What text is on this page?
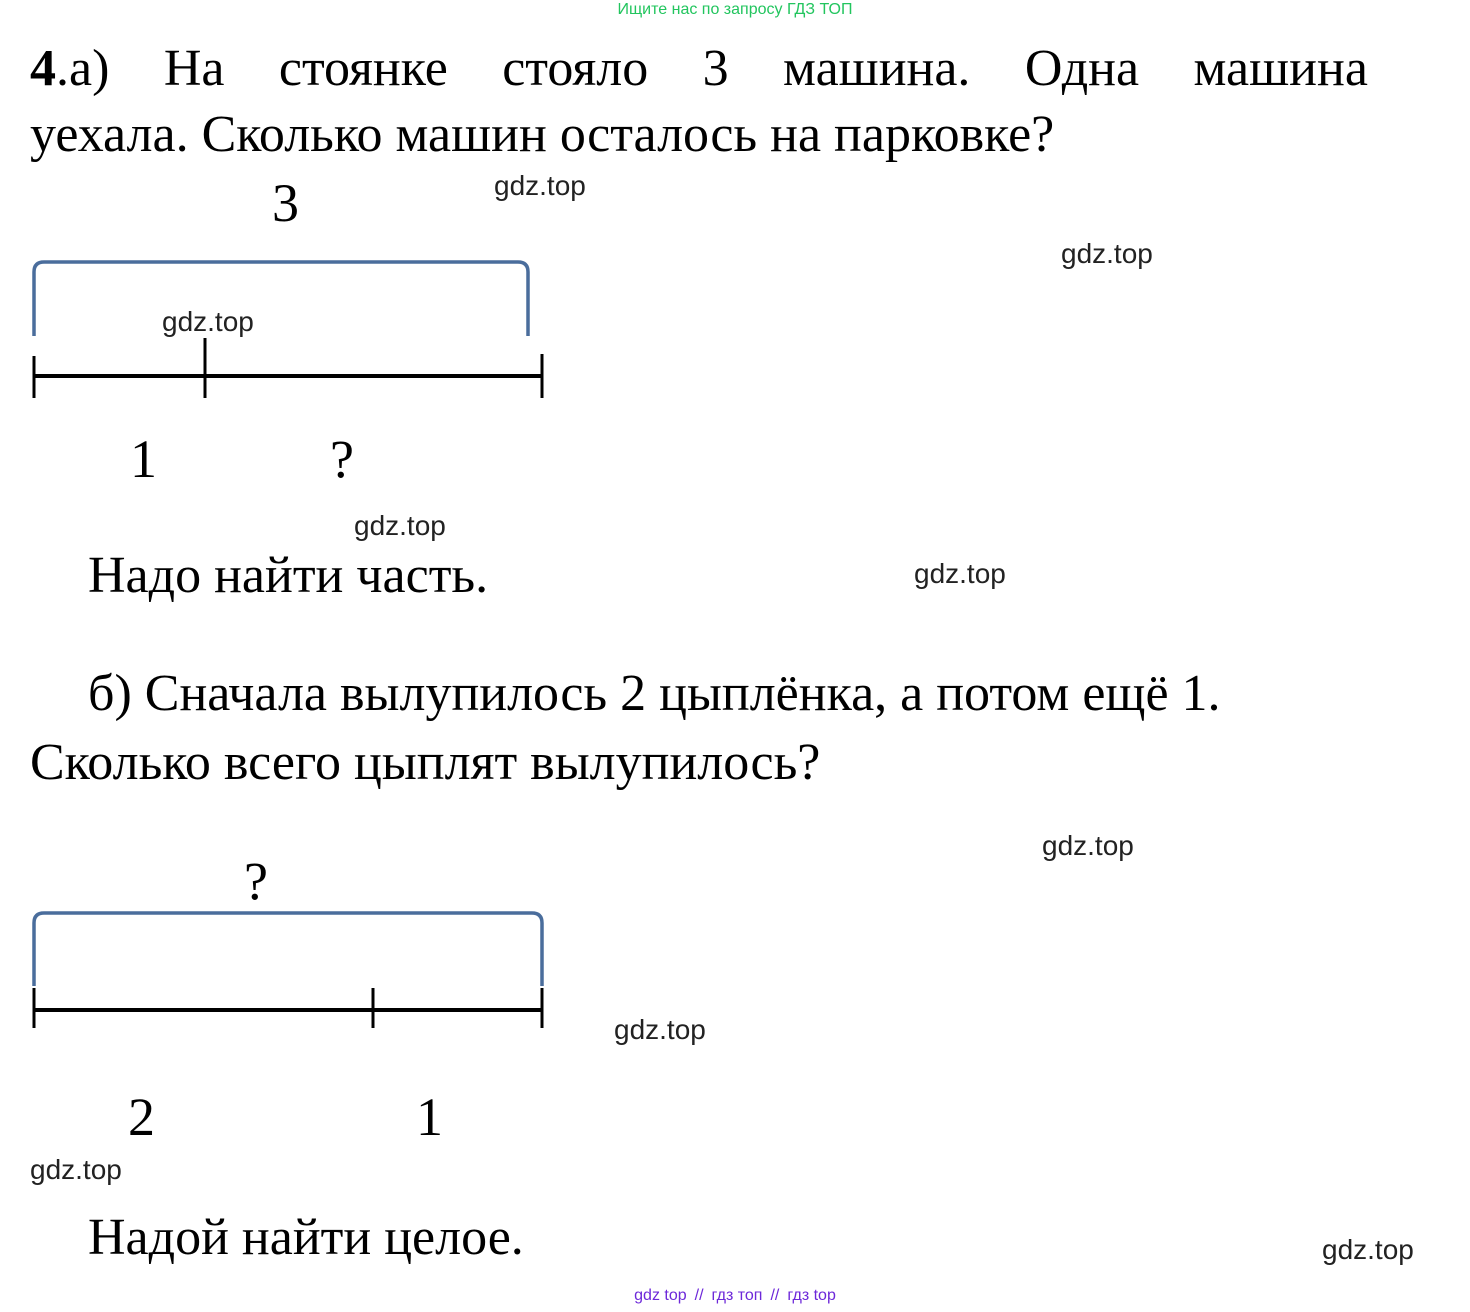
Ищите нас по запросу ГДЗ ТОП
4.а) На стоянке стояло 3 машина. Одна машина
уехала. Сколько машин осталось на парковке?
3
1	?
Надо найти часть.
б) Сначала вылупилось 2 цыплёнка, а потом ещё 1.
Сколько всего цыплят вылупилось?
?
2	1
Надой найти целое.
gdz.top
gdz.top
gdz.top
gdz.top
gdz.top
gdz.top
gdz.top
gdz.top
gdz.top
gdz top // гдз топ // гдз top
